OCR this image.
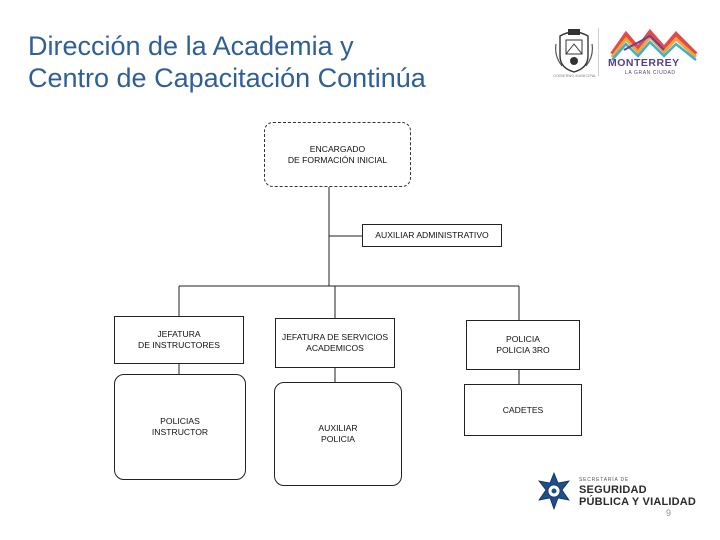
Dirección de la Academia y
Centro de Capacitación Continúa	GOBIERNO MUNICIPAL
MONTERREY
LA GRAN CIUDAD
ENCARGADO
DE FORMACIÓN INICIAL
AUXILIAR ADMINISTRATIVO
JEFATURA
DE INSTRUCTORES
JEFATURA DE SERVICIOS
ACADEMICOS
POLICIA
POLICIA 3RO
POLICIAS
INSTRUCTOR	AUXILIAR
POLICIA
CADETES
SECRETARÍA DE
SEGURIDAD
PÚBLICA Y VIALIDAD
9
